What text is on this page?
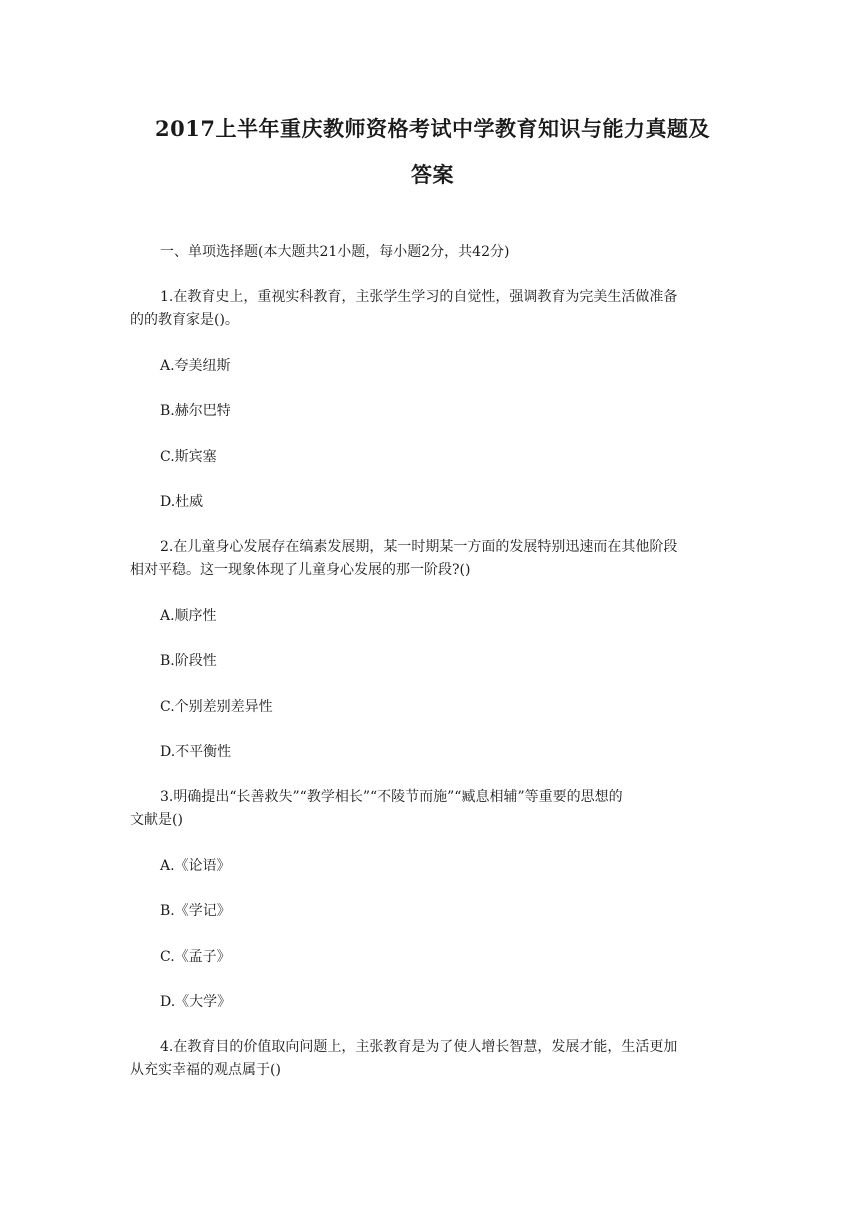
2017上半年重庆教师资格考试中学教育知识与能力真题及

答案

一、单项选择题(本大题共21小题，每小题2分，共42分)

1.在教育史上，重视实科教育，主张学生学习的自觉性，强调教育为完美生活做准备

的的教育家是()。

A.夸美纽斯

B.赫尔巴特

C.斯宾塞

D.杜威

2.在儿童身心发展存在缟素发展期，某一时期某一方面的发展特别迅速而在其他阶段

相对平稳。这一现象体现了儿童身心发展的那一阶段?()

A.顺序性

B.阶段性

C.个别差别差异性

D.不平衡性

3.明确提出“长善救失”“教学相长”“不陵节而施”“臧息相辅”等重要的思想的

文献是()

A.《论语》

B.《学记》

C.《孟子》

D.《大学》

4.在教育目的价值取向问题上，主张教育是为了使人增长智慧，发展才能，生活更加

从充实幸福的观点属于()
